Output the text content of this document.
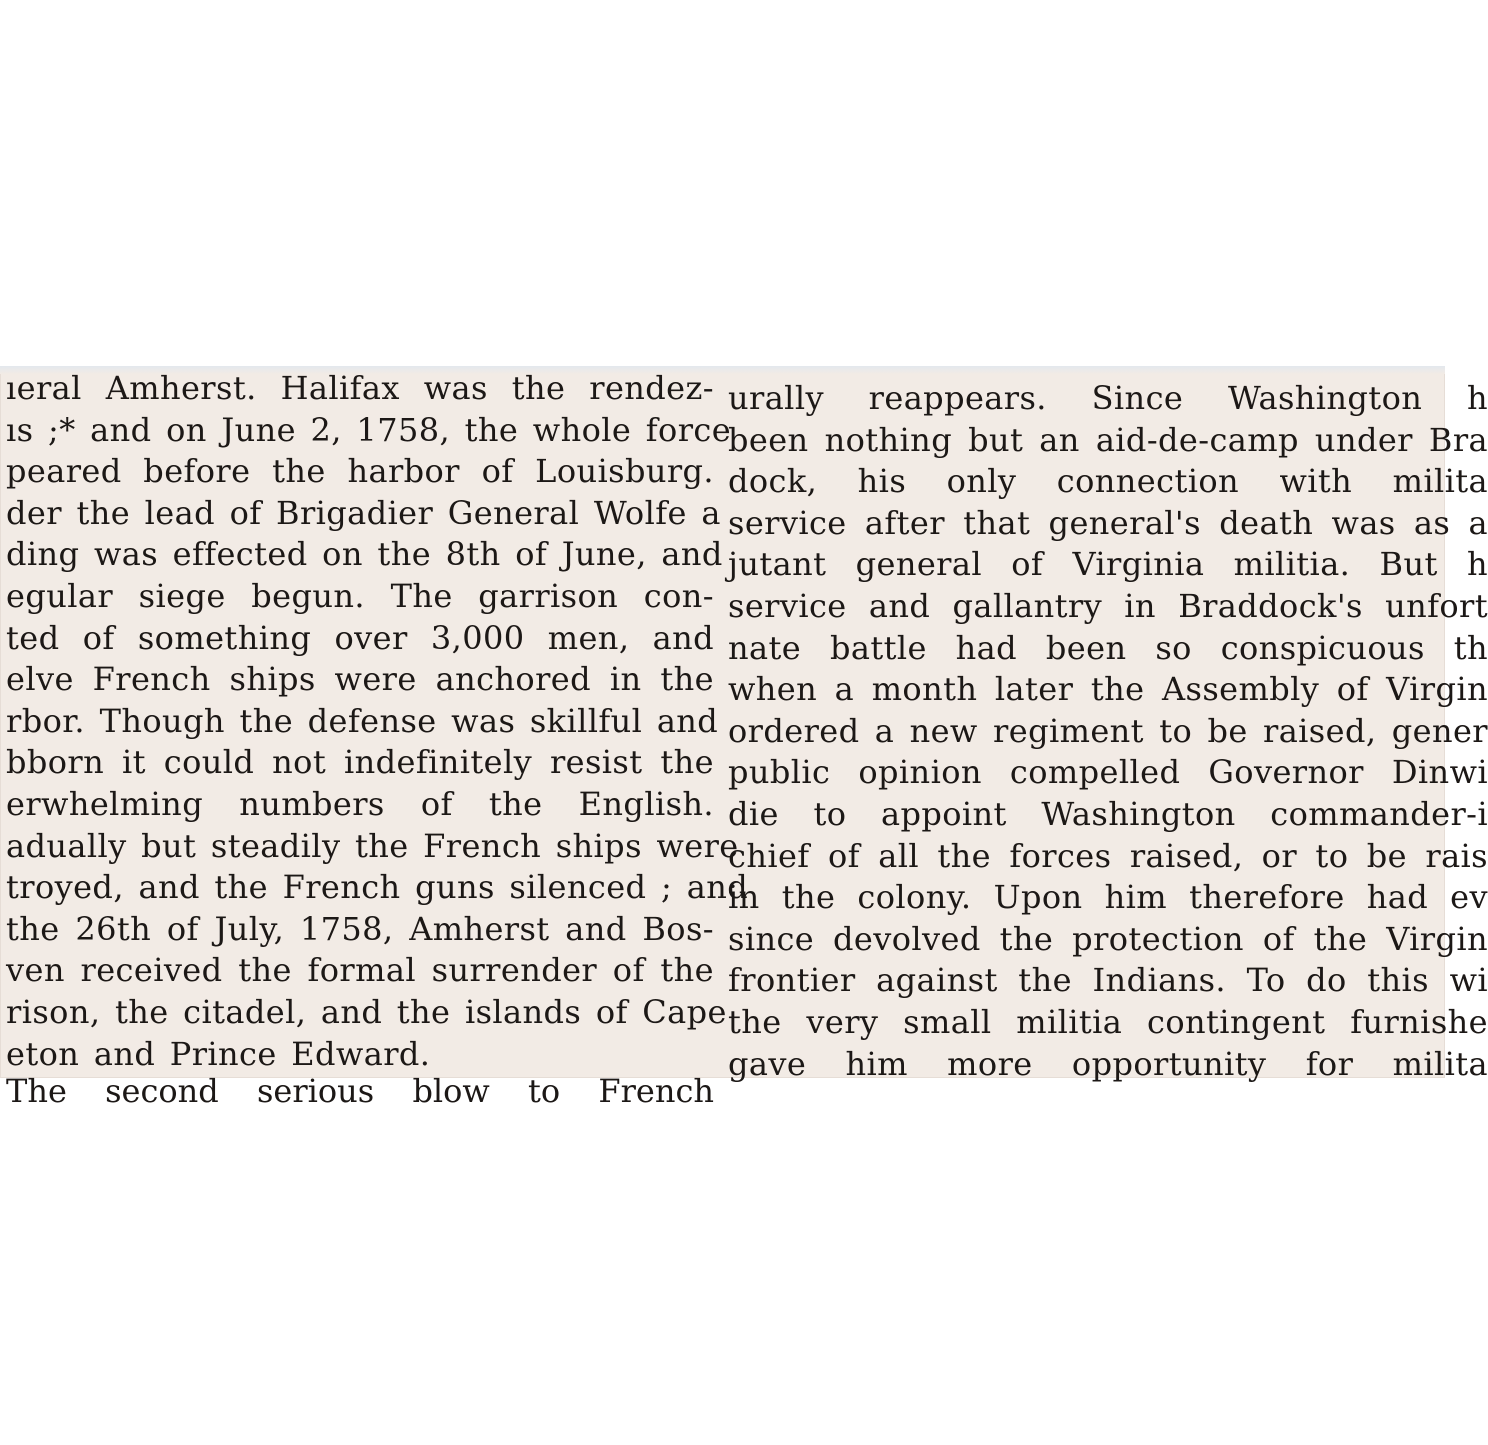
ıeral Amherst. Halifax was the rendez-
ıs ;* and on June 2, 1758, the whole force
peared before the harbor of Louisburg.
der the lead of Brigadier General Wolfe a
ding was effected on the 8th of June, and
egular siege begun. The garrison con-
ted of something over 3,000 men, and
elve French ships were anchored in the
rbor. Though the defense was skillful and
bborn it could not indefinitely resist the
erwhelming numbers of the English.
adually but steadily the French ships were
troyed, and the French guns silenced ; and
the 26th of July, 1758, Amherst and Bos-
ven received the formal surrender of the
rison, the citadel, and the islands of Cape
eton and Prince Edward.
The second serious blow to French
urally reappears. Since Washington h
been nothing but an aid-de-camp under Bra
dock, his only connection with milita
service after that general's death was as a
jutant general of Virginia militia. But h
service and gallantry in Braddock's unfort
nate battle had been so conspicuous th
when a month later the Assembly of Virgin
ordered a new regiment to be raised, gener
public opinion compelled Governor Dinwi
die to appoint Washington commander-i
chief of all the forces raised, or to be rais
in the colony. Upon him therefore had ev
since devolved the protection of the Virgin
frontier against the Indians. To do this wi
the very small militia contingent furnishe
gave him more opportunity for milita
